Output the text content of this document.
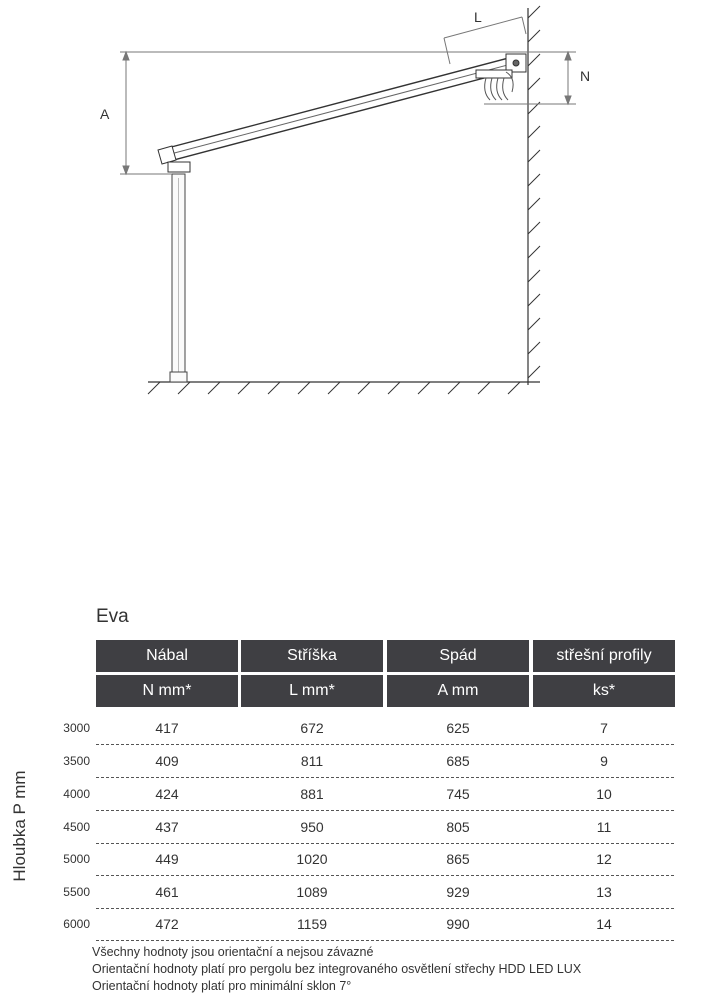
A
L
N
Eva
Nábal	Stříška	Spád	střešní profily
N mm*	L mm*	A mm	ks*
Hloubka P mm
3000	417	672	625	7
3500	409	811	685	9
4000	424	881	745	10
4500	437	950	805	11
5000	449	1020	865	12
5500	461	1089	929	13
6000	472	1159	990	14
Všechny hodnoty jsou orientační a nejsou závazné
Orientační hodnoty platí pro pergolu bez integrovaného osvětlení střechy HDD LED LUX
Orientační hodnoty platí pro minimální sklon 7°
